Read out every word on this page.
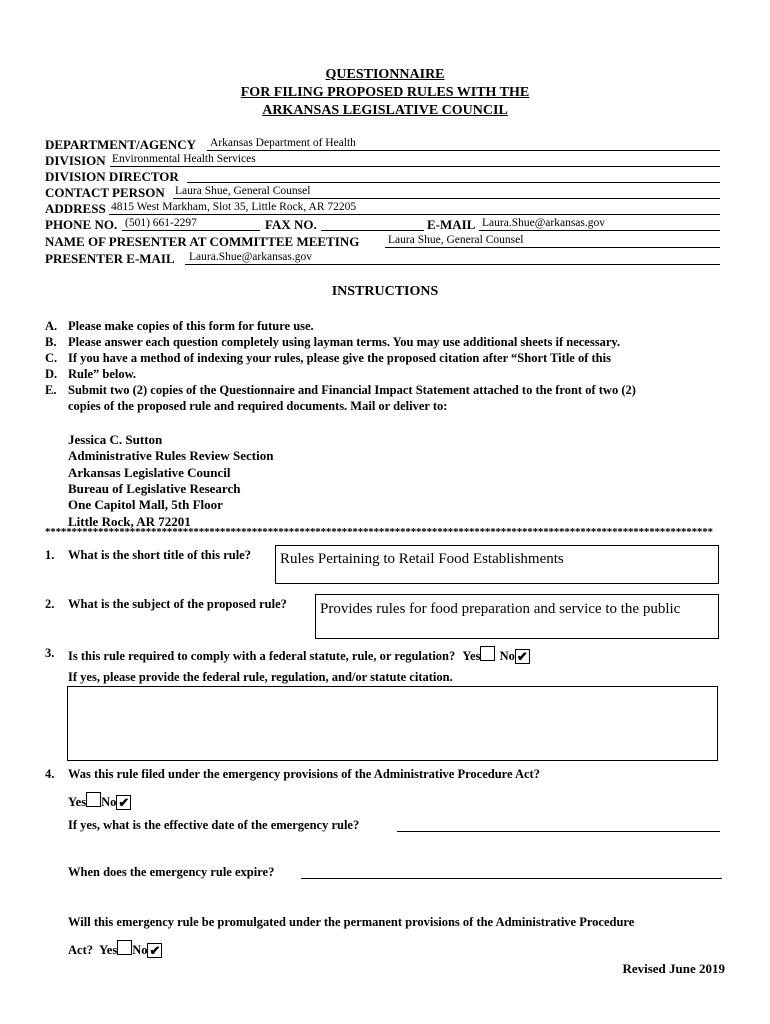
QUESTIONNAIRE
FOR FILING PROPOSED RULES WITH THE
ARKANSAS LEGISLATIVE COUNCIL
DEPARTMENT/AGENCY Arkansas Department of Health
DIVISION Environmental Health Services
DIVISION DIRECTOR
CONTACT PERSON Laura Shue, General Counsel
ADDRESS 4815 West Markham, Slot 35, Little Rock, AR 72205
PHONE NO. (501) 661-2297	FAX NO.	E-MAIL Laura.Shue@arkansas.gov
NAME OF PRESENTER AT COMMITTEE MEETING Laura Shue, General Counsel
PRESENTER E-MAIL Laura.Shue@arkansas.gov
INSTRUCTIONS
A. Please make copies of this form for future use.
B. Please answer each question completely using layman terms. You may use additional sheets if necessary.
C. If you have a method of indexing your rules, please give the proposed citation after “Short Title of this
D. Rule” below.
E. Submit two (2) copies of the Questionnaire and Financial Impact Statement attached to the front of two (2)
copies of the proposed rule and required documents. Mail or deliver to:
Jessica C. Sutton
Administrative Rules Review Section
Arkansas Legislative Council
Bureau of Legislative Research
One Capitol Mall, 5th Floor
Little Rock, AR 72201
******************************************************************************************************************************
1. What is the short title of this rule? Rules Pertaining to Retail Food Establishments
2. What is the subject of the proposed rule? Provides rules for food preparation and service to the public
3. Is this rule required to comply with a federal statute, rule, or regulation? Yes No ✔
If yes, please provide the federal rule, regulation, and/or statute citation.
4. Was this rule filed under the emergency provisions of the Administrative Procedure Act?
Yes No ✔
If yes, what is the effective date of the emergency rule?
When does the emergency rule expire?
Will this emergency rule be promulgated under the permanent provisions of the Administrative Procedure
Act? Yes No ✔
Revised June 2019
